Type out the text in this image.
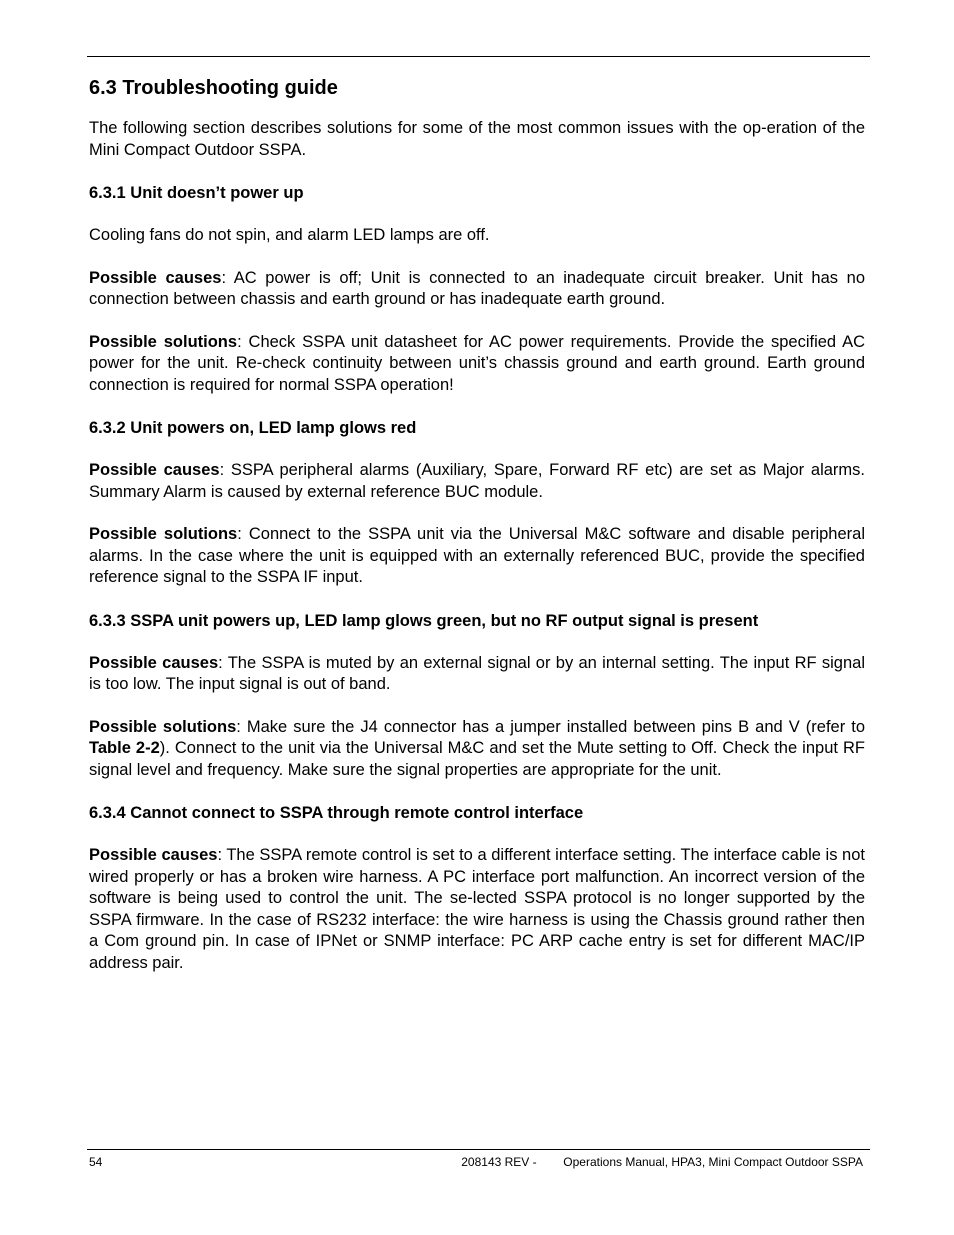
6.3 Troubleshooting guide

The following section describes solutions for some of the most common issues with the op-eration of the Mini Compact Outdoor SSPA.

6.3.1 Unit doesn’t power up

Cooling fans do not spin, and alarm LED lamps are off.

Possible causes: AC power is off; Unit is connected to an inadequate circuit breaker. Unit has no connection between chassis and earth ground or has inadequate earth ground.

Possible solutions: Check SSPA unit datasheet for AC power requirements. Provide the specified AC power for the unit. Re-check continuity between unit’s chassis ground and earth ground. Earth ground connection is required for normal SSPA operation!

6.3.2 Unit powers on, LED lamp glows red

Possible causes: SSPA peripheral alarms (Auxiliary, Spare, Forward RF etc) are set as Major alarms. Summary Alarm is caused by external reference BUC module.

Possible solutions: Connect to the SSPA unit via the Universal M&C software and disable peripheral alarms. In the case where the unit is equipped with an externally referenced BUC, provide the specified reference signal to the SSPA IF input.

6.3.3 SSPA unit powers up, LED lamp glows green, but no RF output signal is present

Possible causes: The SSPA is muted by an external signal or by an internal setting. The input RF signal is too low. The input signal is out of band.

Possible solutions: Make sure the J4 connector has a jumper installed between pins B and V (refer to Table 2-2). Connect to the unit via the Universal M&C and set the Mute setting to Off. Check the input RF signal level and frequency. Make sure the signal properties are appropriate for the unit.

6.3.4 Cannot connect to SSPA through remote control interface

Possible causes: The SSPA remote control is set to a different interface setting. The interface cable is not wired properly or has a broken wire harness. A PC interface port malfunction. An incorrect version of the software is being used to control the unit. The se-lected SSPA protocol is no longer supported by the SSPA firmware. In the case of RS232 interface: the wire harness is using the Chassis ground rather then a Com ground pin. In case of IPNet or SNMP interface: PC ARP cache entry is set for different MAC/IP address pair.

54	208143 REV -        Operations Manual, HPA3, Mini Compact Outdoor SSPA
